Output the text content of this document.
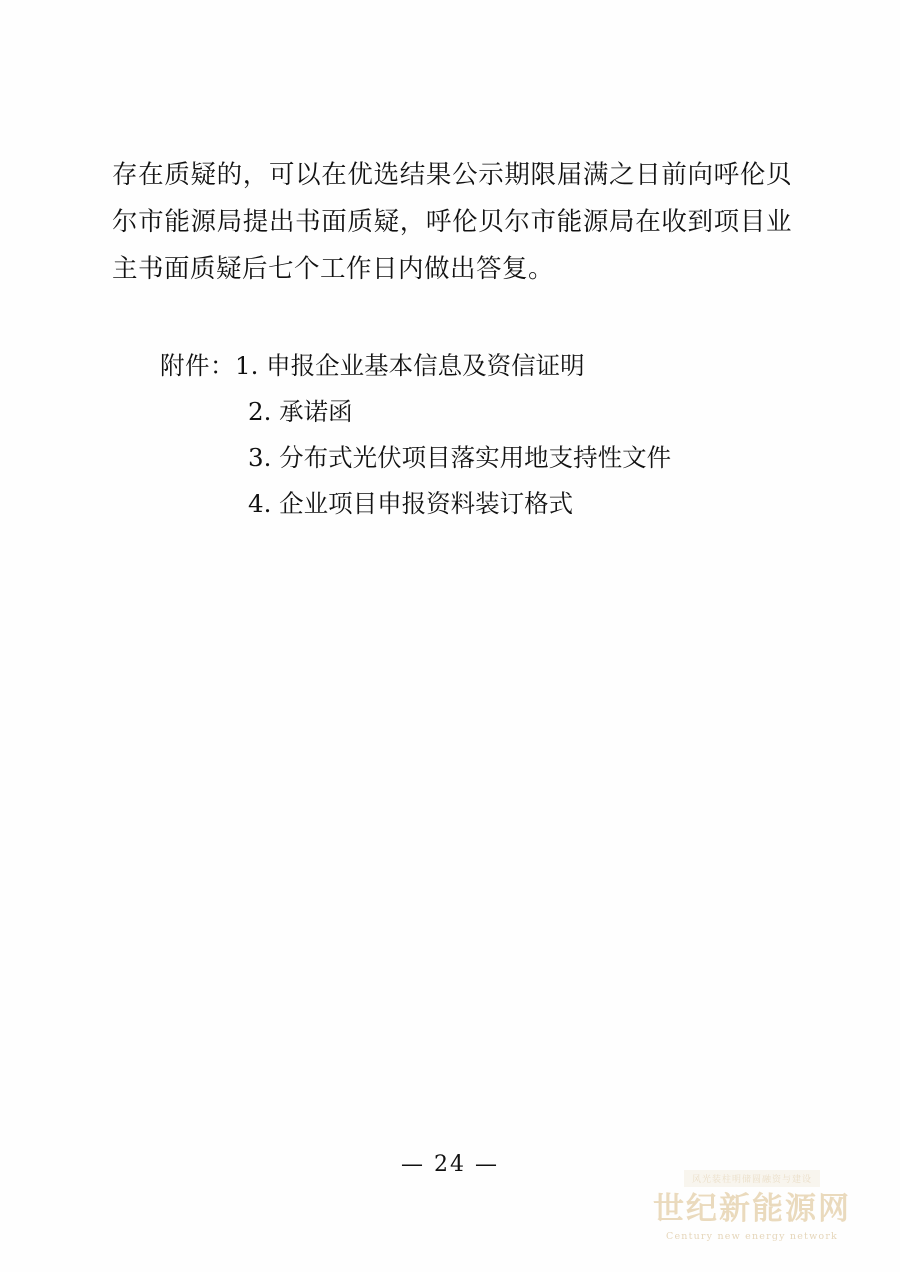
存在质疑的，可以在优选结果公示期限届满之日前向呼伦贝尔市能源局提出书面质疑，呼伦贝尔市能源局在收到项目业主书面质疑后七个工作日内做出答复。

附件：1. 申报企业基本信息及资信证明
2. 承诺函
3. 分布式光伏项目落实用地支持性文件
4. 企业项目申报资料装订格式
— 24 —
风光装柱明储圆融资与建设
世纪新能源网
Century new energy network
